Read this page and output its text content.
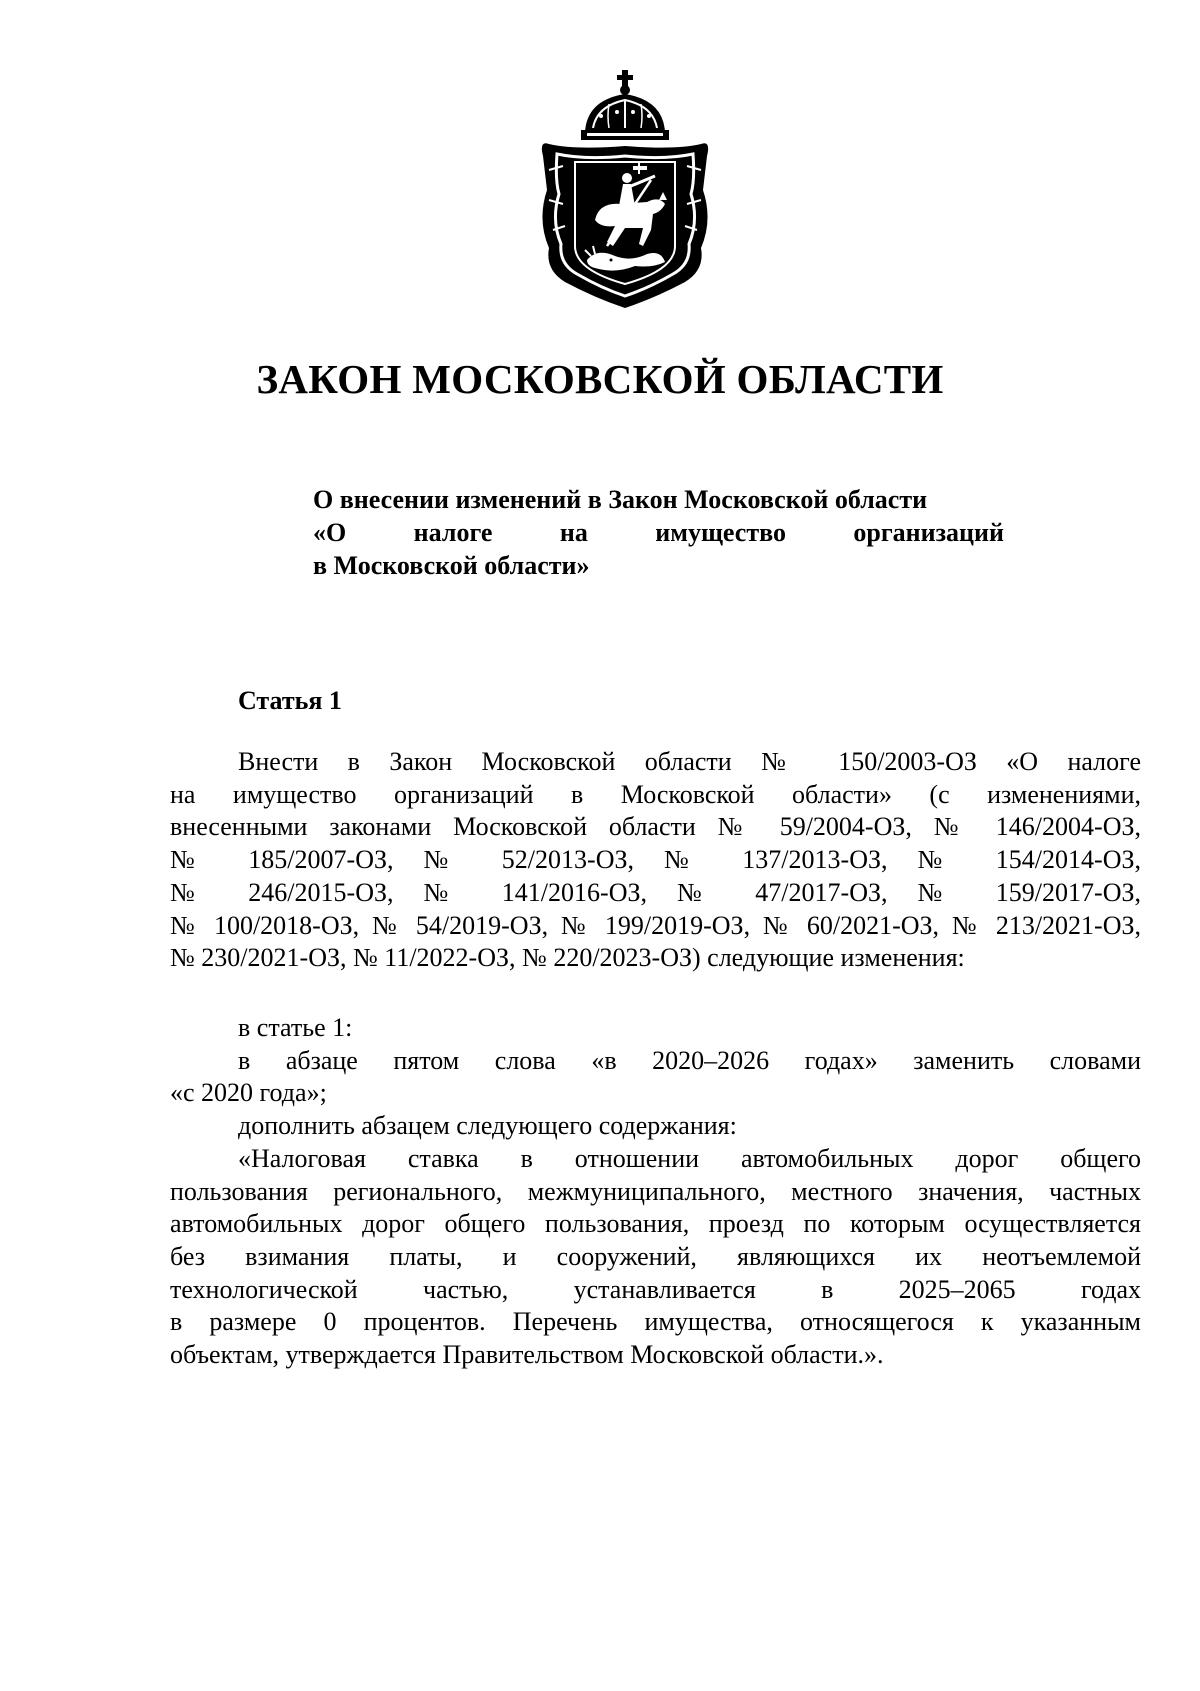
ЗАКОН МОСКОВСКОЙ ОБЛАСТИ
О внесении изменений в Закон Московской области
«О налоге на имущество организаций
в Московской области»
Статья 1
Внести в Закон Московской области № 150/2003-ОЗ «О налоге
на имущество организаций в Московской области» (с изменениями,
внесенными законами Московской области № 59/2004-ОЗ, № 146/2004-ОЗ,
№ 185/2007-ОЗ, № 52/2013-ОЗ, № 137/2013-ОЗ, № 154/2014-ОЗ,
№ 246/2015-ОЗ, № 141/2016-ОЗ, № 47/2017-ОЗ, № 159/2017-ОЗ,
№ 100/2018-ОЗ, № 54/2019-ОЗ, № 199/2019-ОЗ, № 60/2021-ОЗ, № 213/2021-ОЗ,
№ 230/2021-ОЗ, № 11/2022-ОЗ, № 220/2023-ОЗ) следующие изменения:
в статье 1:
в абзаце пятом слова «в 2020–2026 годах» заменить словами
«с 2020 года»;
дополнить абзацем следующего содержания:
«Налоговая ставка в отношении автомобильных дорог общего
пользования регионального, межмуниципального, местного значения, частных
автомобильных дорог общего пользования, проезд по которым осуществляется
без взимания платы, и сооружений, являющихся их неотъемлемой
технологической частью, устанавливается в 2025–2065 годах
в размере 0 процентов. Перечень имущества, относящегося к указанным
объектам, утверждается Правительством Московской области.».
